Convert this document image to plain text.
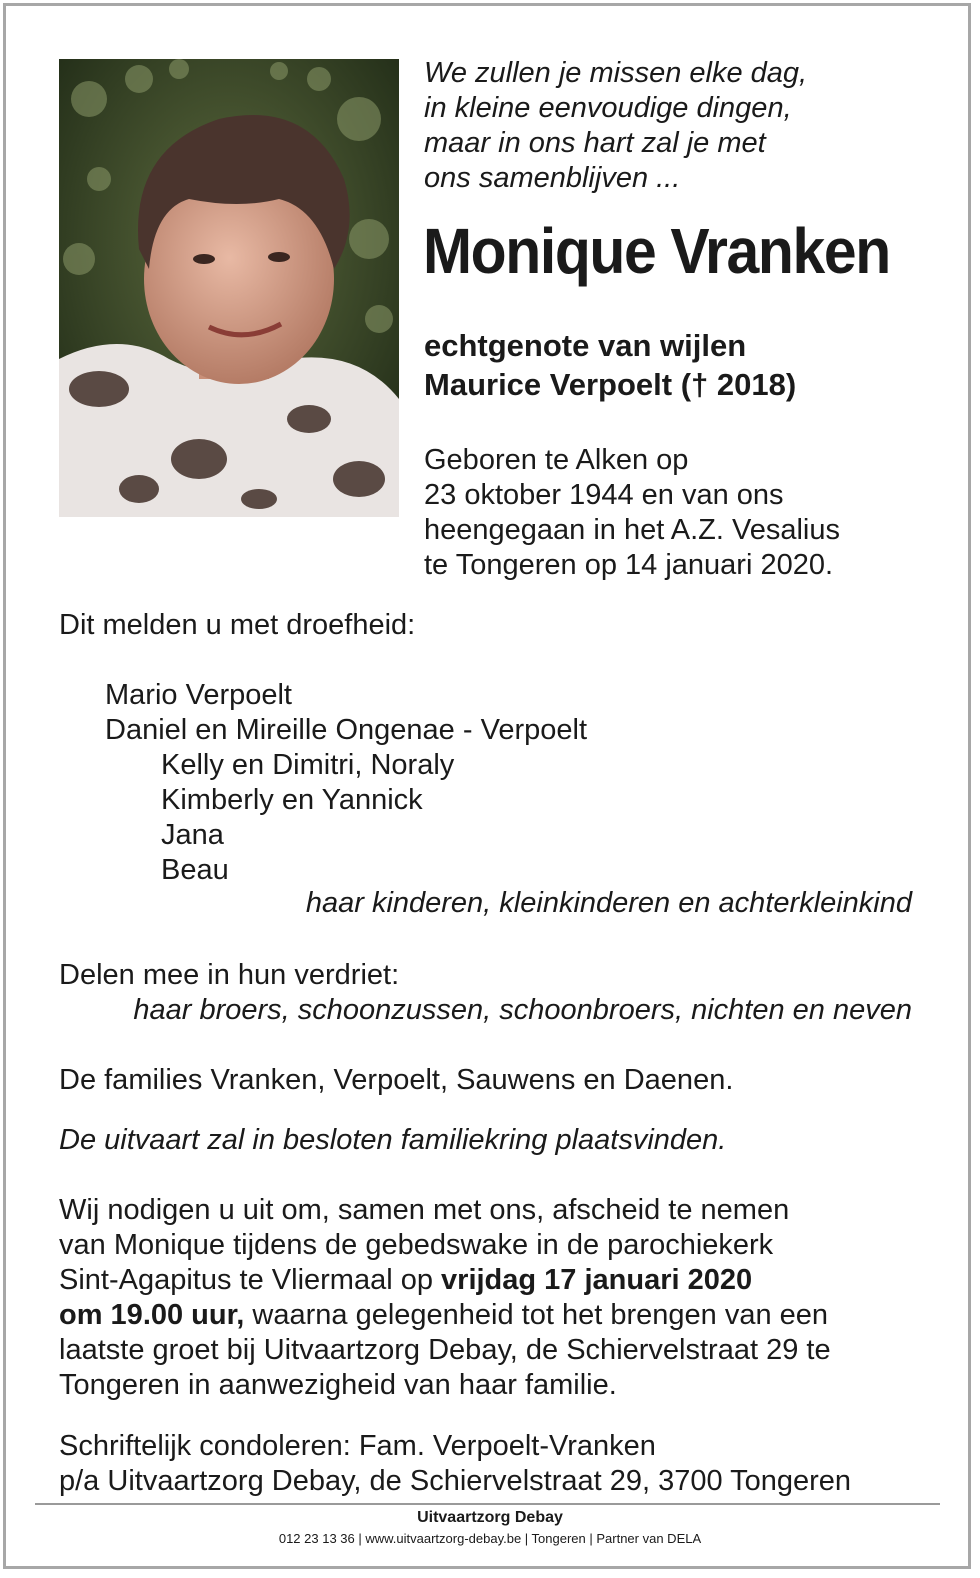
We zullen je missen elke dag,
in kleine eenvoudige dingen,
maar in ons hart zal je met
ons samenblijven ...
Monique Vranken
echtgenote van wijlen
Maurice Verpoelt († 2018)
Geboren te Alken op
23 oktober 1944 en van ons
heengegaan in het A.Z. Vesalius
te Tongeren op 14 januari 2020.
Dit melden u met droefheid:
Mario Verpoelt
Daniel en Mireille Ongenae - Verpoelt
Kelly en Dimitri, Noraly
Kimberly en Yannick
Jana
Beau
haar kinderen, kleinkinderen en achterkleinkind
Delen mee in hun verdriet:
haar broers, schoonzussen, schoonbroers, nichten en neven
De families Vranken, Verpoelt, Sauwens en Daenen.
De uitvaart zal in besloten familiekring plaatsvinden.
Wij nodigen u uit om, samen met ons, afscheid te nemen
van Monique tijdens de gebedswake in de parochiekerk
Sint-Agapitus te Vliermaal op vrijdag 17 januari 2020
om 19.00 uur, waarna gelegenheid tot het brengen van een
laatste groet bij Uitvaartzorg Debay, de Schiervelstraat 29 te
Tongeren in aanwezigheid van haar familie.
Schriftelijk condoleren: Fam. Verpoelt-Vranken
p/a Uitvaartzorg Debay, de Schiervelstraat 29, 3700 Tongeren
Uitvaartzorg Debay
012 23 13 36 | www.uitvaartzorg-debay.be | Tongeren | Partner van DELA
